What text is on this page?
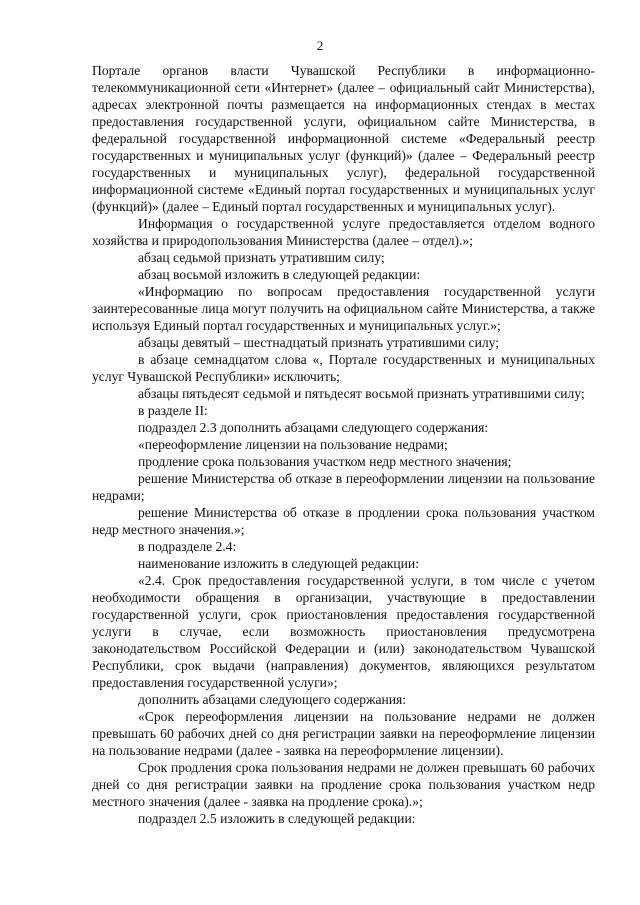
2

Портале органов власти Чувашской Республики в информационно-телекоммуникационной сети «Интернет» (далее – официальный сайт Министерства), адресах электронной почты размещается на информационных стендах в местах предоставления государственной услуги, официальном сайте Министерства, в федеральной государственной информационной системе «Федеральный реестр государственных и муниципальных услуг (функций)» (далее – Федеральный реестр государственных и муниципальных услуг), федеральной государственной информационной системе «Единый портал государственных и муниципальных услуг (функций)» (далее – Единый портал государственных и муниципальных услуг).

Информация о государственной услуге предоставляется отделом водного хозяйства и природопользования Министерства (далее – отдел).»;

абзац седьмой признать утратившим силу;

абзац восьмой изложить в следующей редакции:

«Информацию по вопросам предоставления государственной услуги заинтересованные лица могут получить на официальном сайте Министерства, а также используя Единый портал государственных и муниципальных услуг.»;

абзацы девятый – шестнадцатый признать утратившими силу;

в абзаце семнадцатом слова «, Портале государственных и муниципальных услуг Чувашской Республики» исключить;

абзацы пятьдесят седьмой и пятьдесят восьмой признать утратившими силу;

в разделе II:

подраздел 2.3 дополнить абзацами следующего содержания:

«переоформление лицензии на пользование недрами;

продление срока пользования участком недр местного значения;

решение Министерства об отказе в переоформлении лицензии на пользование недрами;

решение Министерства об отказе в продлении срока пользования участком недр местного значения.»;

в подразделе 2.4:

наименование изложить в следующей редакции:

«2.4. Срок предоставления государственной услуги, в том числе с учетом необходимости обращения в организации, участвующие в предоставлении государственной услуги, срок приостановления предоставления государственной услуги в случае, если возможность приостановления предусмотрена законодательством Российской Федерации и (или) законодательством Чувашской Республики, срок выдачи (направления) документов, являющихся результатом предоставления государственной услуги»;

дополнить абзацами следующего содержания:

«Срок переоформления лицензии на пользование недрами не должен превышать 60 рабочих дней со дня регистрации заявки на переоформление лицензии на пользование недрами (далее - заявка на переоформление лицензии).

Срок продления срока пользования недрами не должен превышать 60 рабочих дней со дня регистрации заявки на продление срока пользования участком недр местного значения (далее - заявка на продление срока).»;

подраздел 2.5 изложить в следующей редакции:
